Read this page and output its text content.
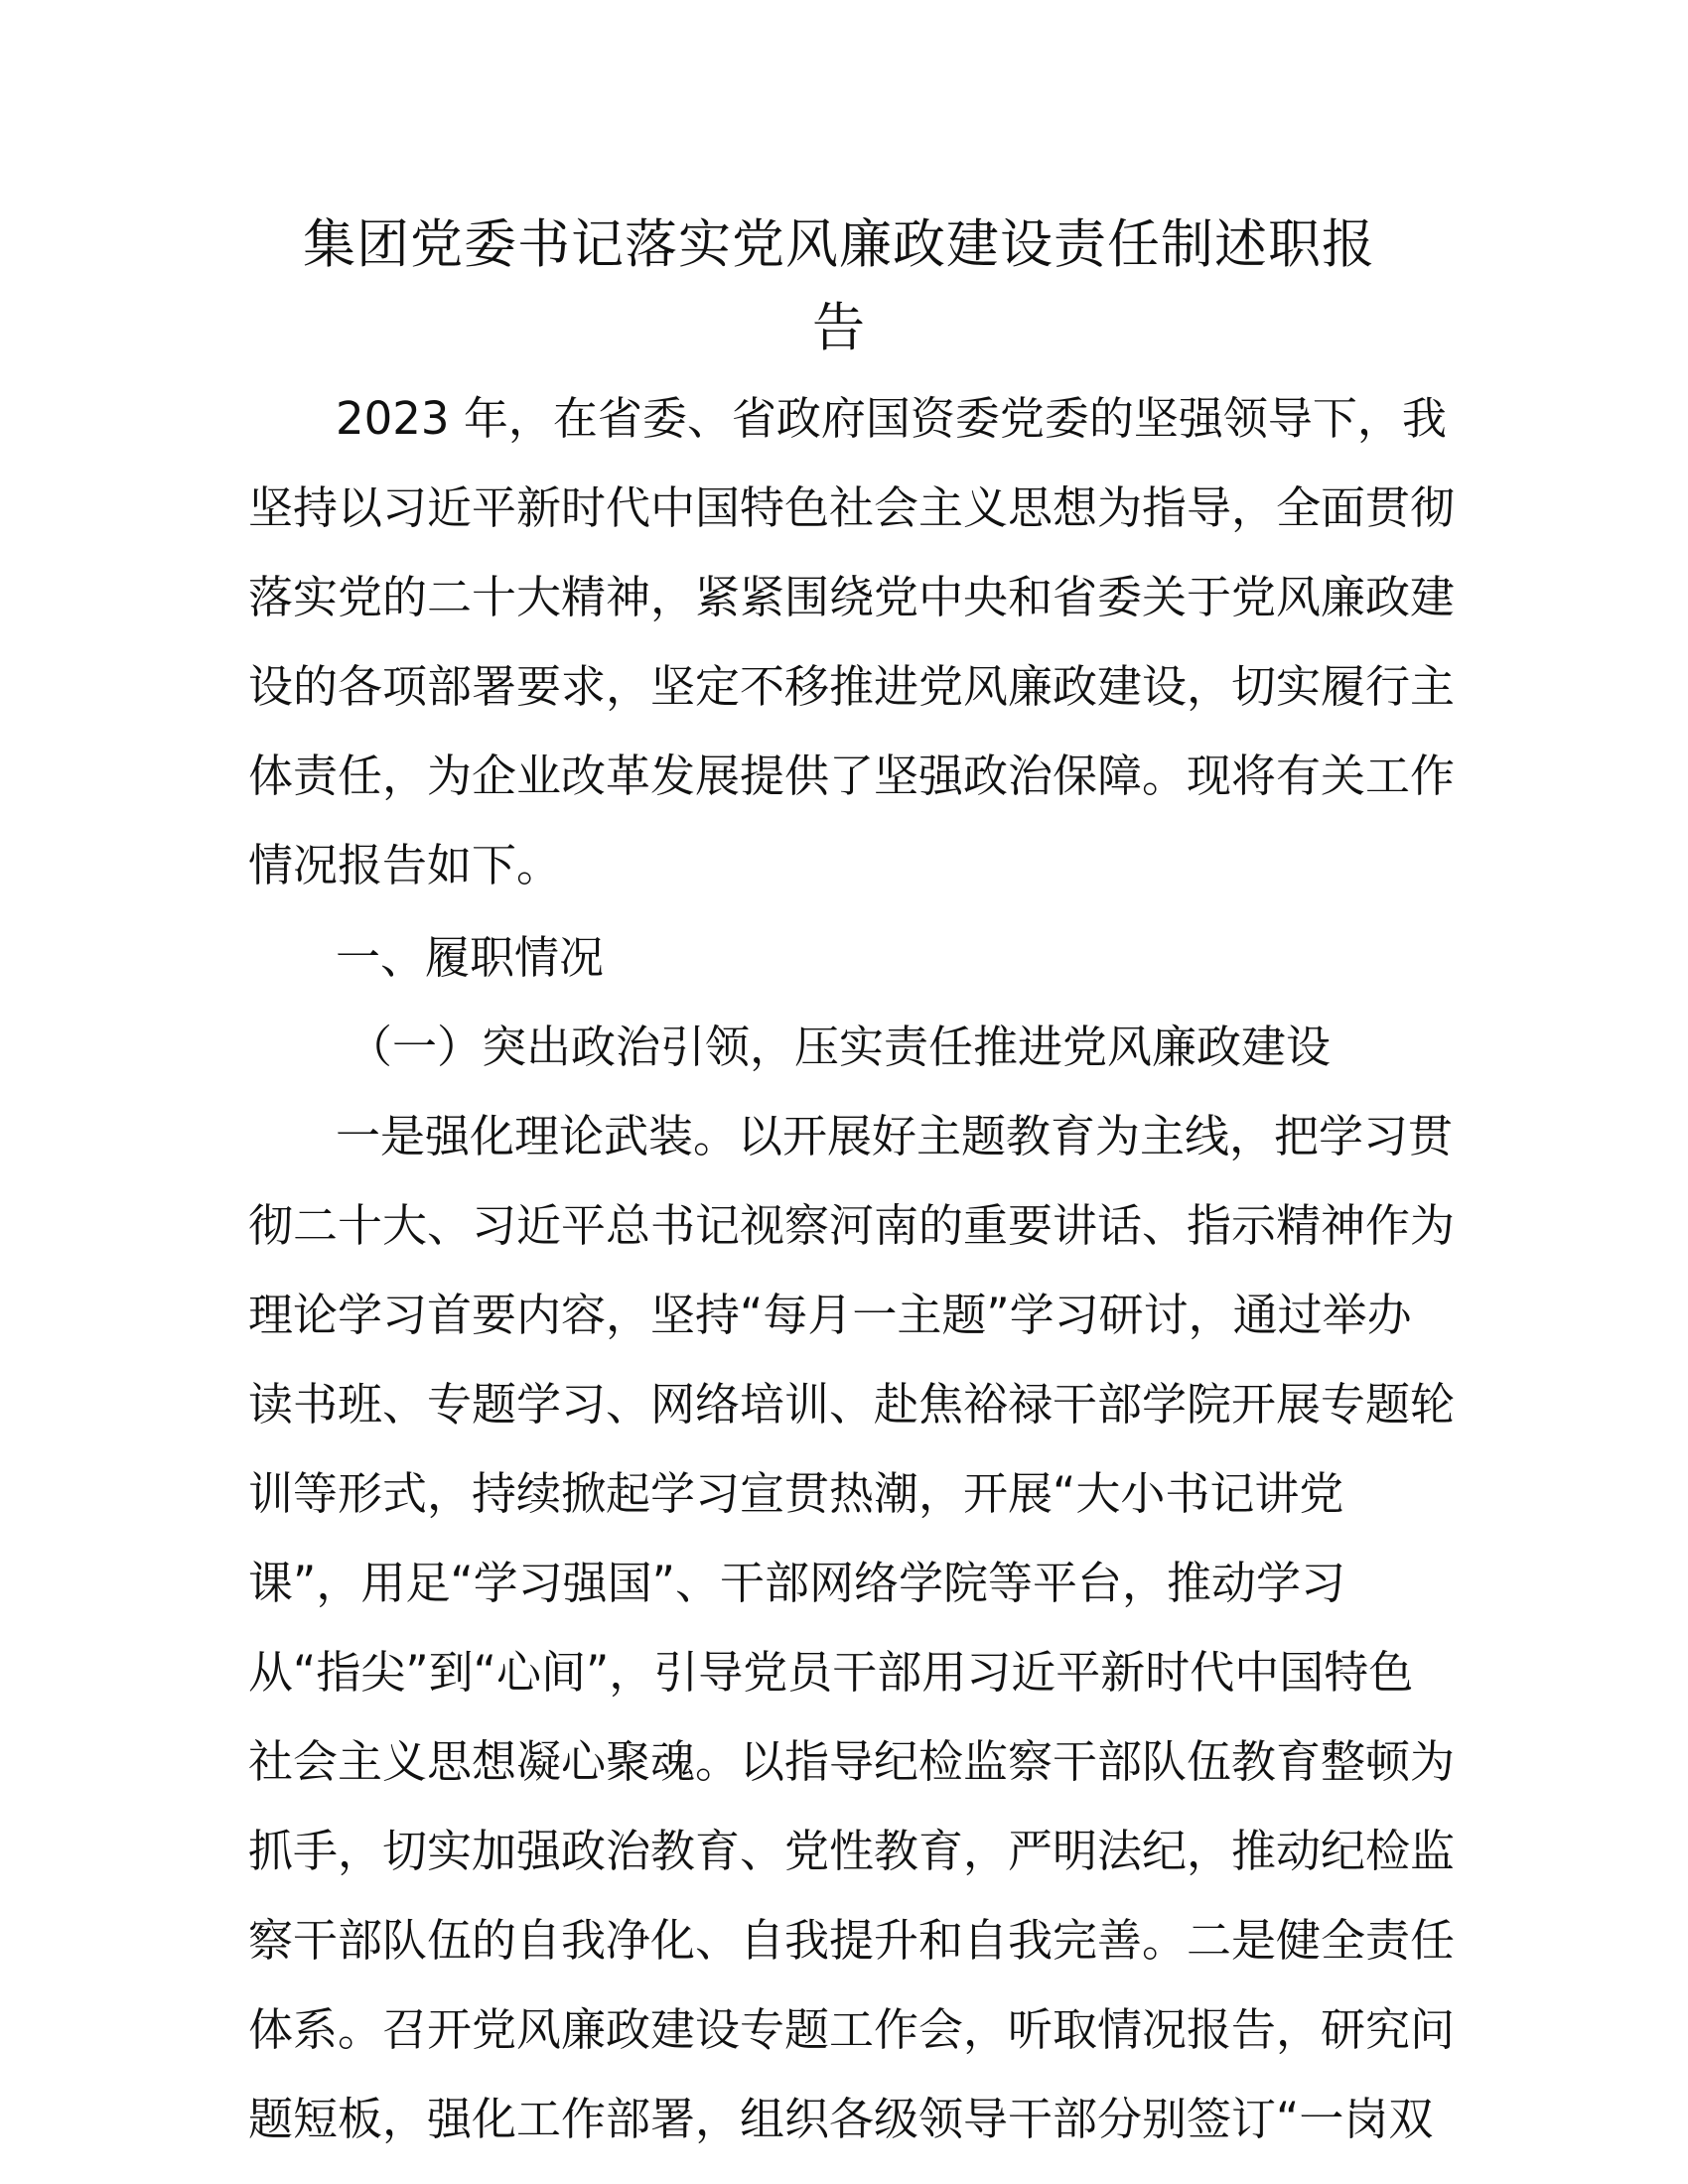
集团党委书记落实党风廉政建设责任制述职报
告

2023 年，在省委、省政府国资委党委的坚强领导下，我
坚持以习近平新时代中国特色社会主义思想为指导，全面贯彻
落实党的二十大精神，紧紧围绕党中央和省委关于党风廉政建
设的各项部署要求，坚定不移推进党风廉政建设，切实履行主
体责任，为企业改革发展提供了坚强政治保障。现将有关工作
情况报告如下。

一、履职情况

（一）突出政治引领，压实责任推进党风廉政建设

一是强化理论武装。以开展好主题教育为主线，把学习贯
彻二十大、习近平总书记视察河南的重要讲话、指示精神作为
理论学习首要内容，坚持“每月一主题”学习研讨，通过举办
读书班、专题学习、网络培训、赴焦裕禄干部学院开展专题轮
训等形式，持续掀起学习宣贯热潮，开展“大小书记讲党
课”，用足“学习强国”、干部网络学院等平台，推动学习
从“指尖”到“心间”，引导党员干部用习近平新时代中国特色
社会主义思想凝心聚魂。以指导纪检监察干部队伍教育整顿为
抓手，切实加强政治教育、党性教育，严明法纪，推动纪检监
察干部队伍的自我净化、自我提升和自我完善。二是健全责任
体系。召开党风廉政建设专题工作会，听取情况报告，研究问
题短板，强化工作部署，组织各级领导干部分别签订“一岗双
